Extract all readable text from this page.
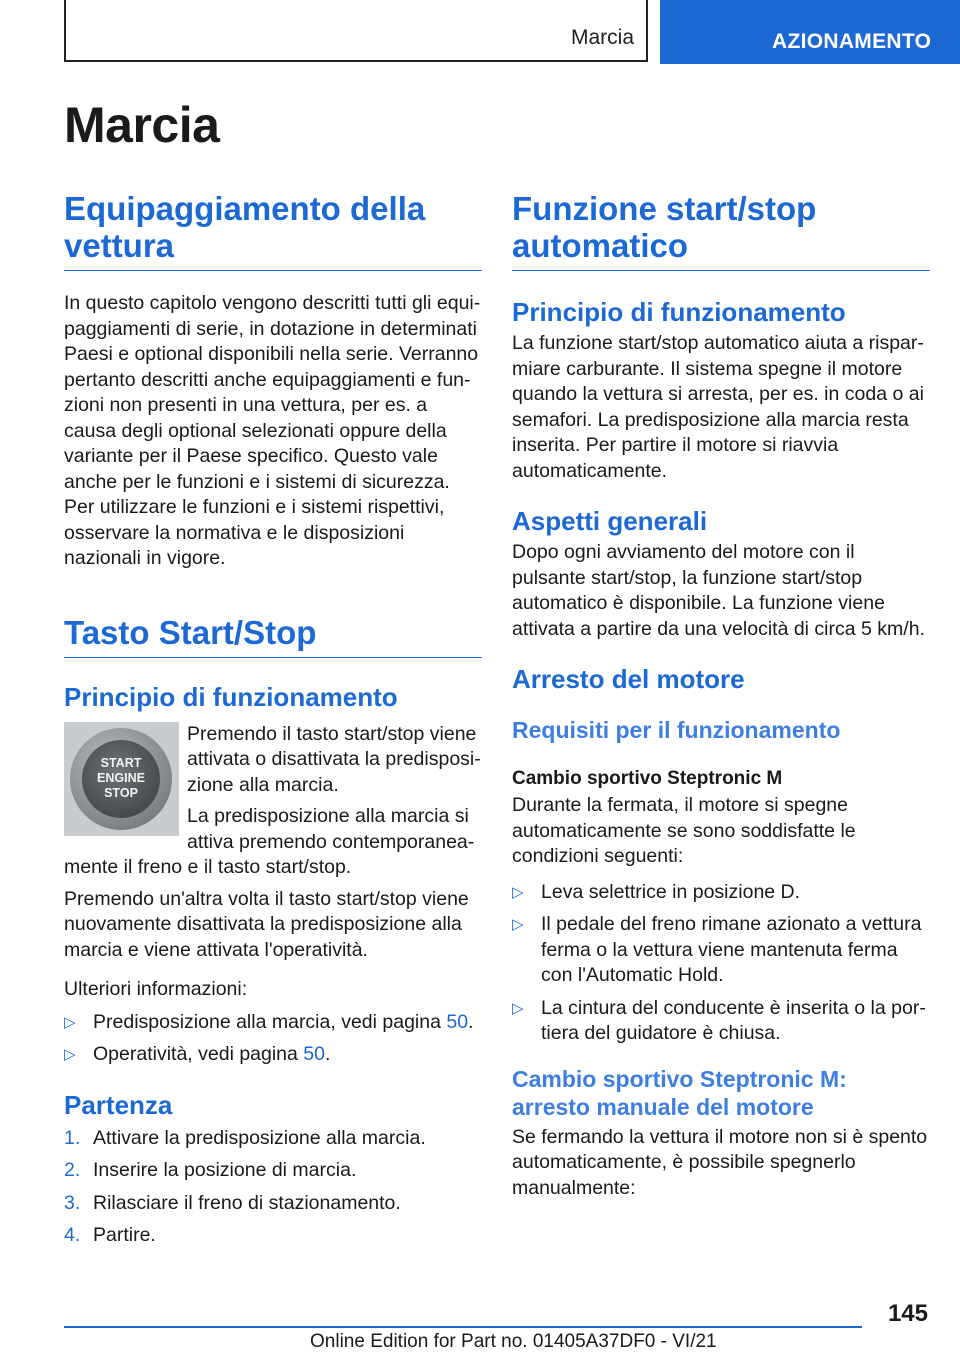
Marcia	AZIONAMENTO
Marcia
Equipaggiamento della vettura

In questo capitolo vengono descritti tutti gli equipaggiamenti di serie, in dotazione in determinati Paesi e optional disponibili nella serie. Verranno pertanto descritti anche equipaggiamenti e funzioni non presenti in una vettura, per es. a causa degli optional selezionati oppure della variante per il Paese specifico. Questo vale anche per le funzioni e i sistemi di sicurezza. Per utilizzare le funzioni e i sistemi rispettivi, osservare la normativa e le disposizioni nazionali in vigore.

Tasto Start/Stop
Principio di funzionamento
START
ENGINE
STOP

Premendo il tasto start/stop viene attivata o disattivata la predisposizione alla marcia.

La predisposizione alla marcia si attiva premendo contemporaneamente il freno e il tasto start/stop.

Premendo un'altra volta il tasto start/stop viene nuovamente disattivata la predisposizione alla marcia e viene attivata l'operatività.

Ulteriori informazioni:

▷ Predisposizione alla marcia, vedi pagina 50.
▷ Operatività, vedi pagina 50.
Partenza
1. Attivare la predisposizione alla marcia.
2. Inserire la posizione di marcia.
3. Rilasciare il freno di stazionamento.
4. Partire.
Funzione start/stop automatico
Principio di funzionamento

La funzione start/stop automatico aiuta a risparmiare carburante. Il sistema spegne il motore quando la vettura si arresta, per es. in coda o ai semafori. La predisposizione alla marcia resta inserita. Per partire il motore si riavvia automaticamente.

Aspetti generali

Dopo ogni avviamento del motore con il pulsante start/stop, la funzione start/stop automatico è disponibile. La funzione viene attivata a partire da una velocità di circa 5 km/h.

Arresto del motore
Requisiti per il funzionamento
Cambio sportivo Steptronic M

Durante la fermata, il motore si spegne automaticamente se sono soddisfatte le condizioni seguenti:

▷ Leva selettrice in posizione D.
▷ Il pedale del freno rimane azionato a vettura ferma o la vettura viene mantenuta ferma con l'Automatic Hold.
▷ La cintura del conducente è inserita o la portiera del guidatore è chiusa.
Cambio sportivo Steptronic M: arresto manuale del motore

Se fermando la vettura il motore non si è spento automaticamente, è possibile spegnerlo manualmente:

145
Online Edition for Part no. 01405A37DF0 - VI/21
